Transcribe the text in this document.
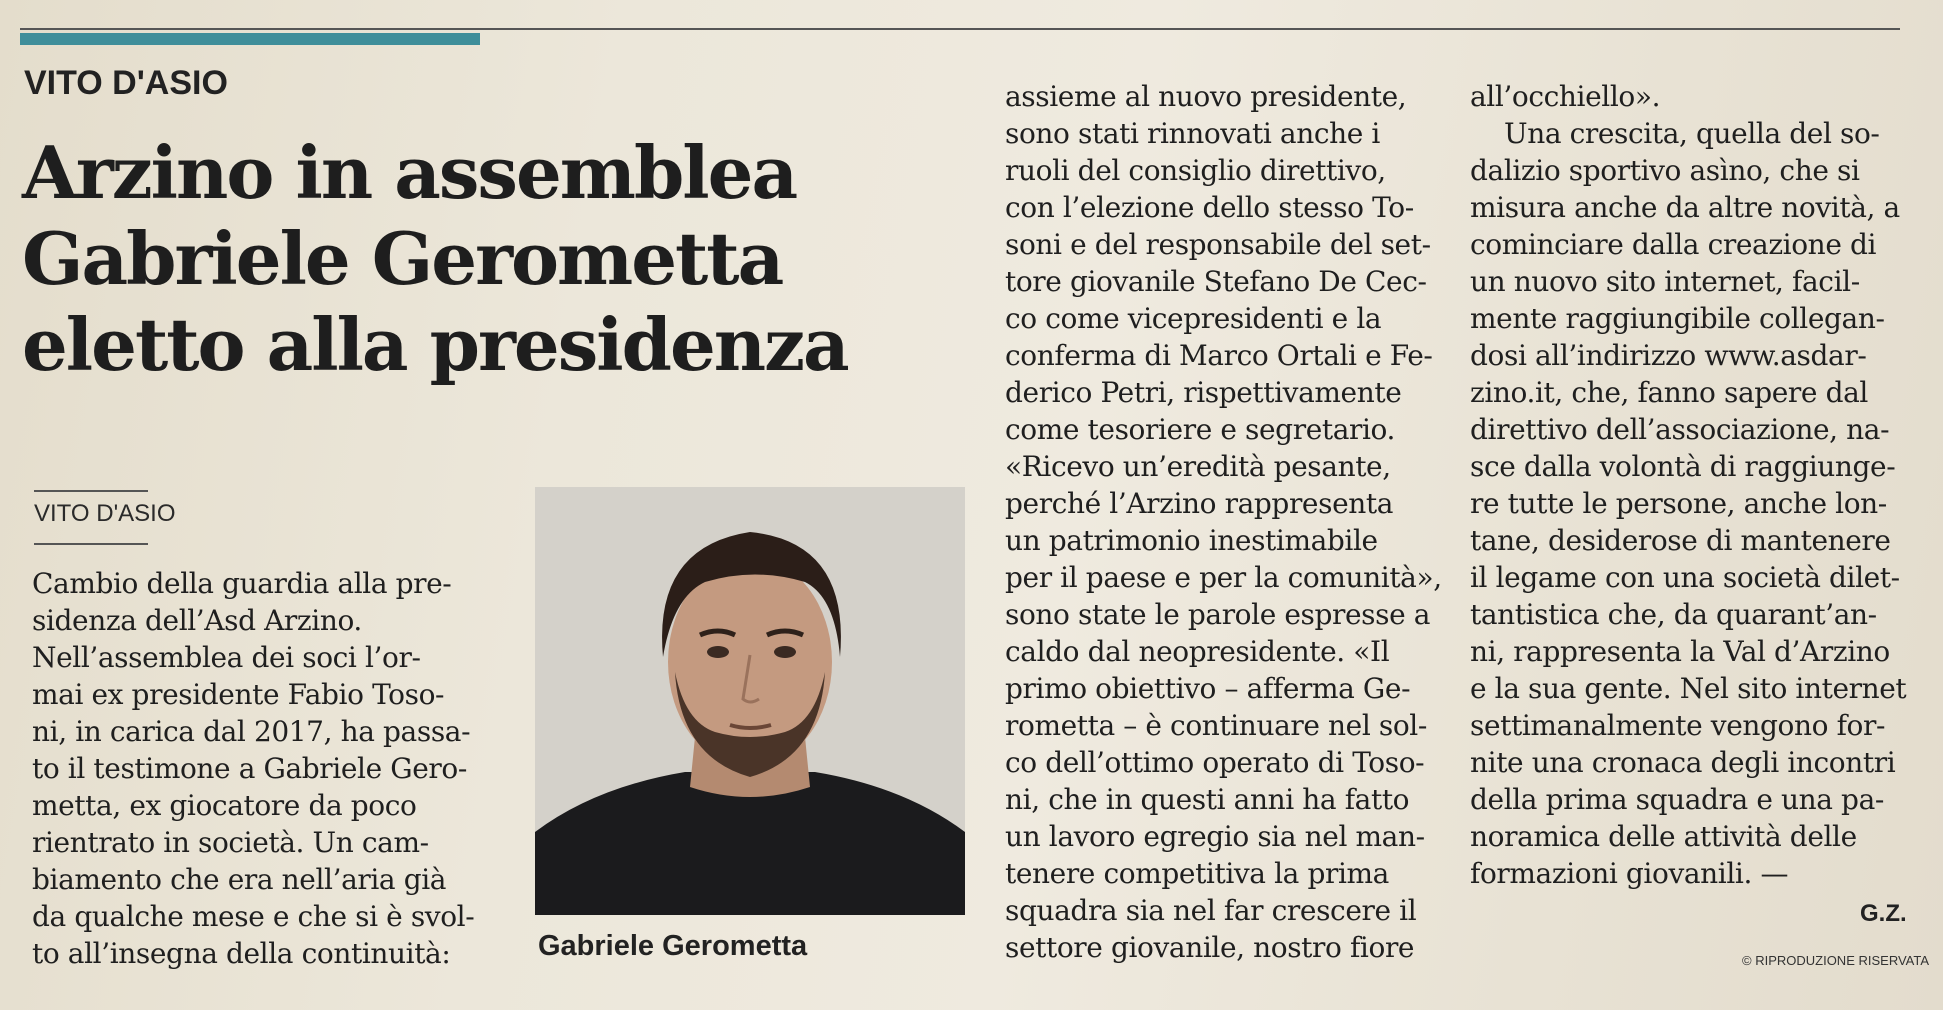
VITO D'ASIO
Arzino in assemblea
Gabriele Gerometta
eletto alla presidenza
VITO D'ASIO
Cambio della guardia alla pre-
sidenza dell’Asd Arzino.
Nell’assemblea dei soci l’or-
mai ex presidente Fabio Toso-
ni, in carica dal 2017, ha passa-
to il testimone a Gabriele Gero-
metta, ex giocatore da poco
rientrato in società. Un cam-
biamento che era nell’aria già
da qualche mese e che si è svol-
to all’insegna della continuità:	Gabriele Gerometta
assieme al nuovo presidente,
sono stati rinnovati anche i
ruoli del consiglio direttivo,
con l’elezione dello stesso To-
soni e del responsabile del set-
tore giovanile Stefano De Cec-
co come vicepresidenti e la
conferma di Marco Ortali e Fe-
derico Petri, rispettivamente
come tesoriere e segretario.
«Ricevo un’eredità pesante,
perché l’Arzino rappresenta
un patrimonio inestimabile
per il paese e per la comunità»,
sono state le parole espresse a
caldo dal neopresidente. «Il
primo obiettivo – afferma Ge-
rometta – è continuare nel sol-
co dell’ottimo operato di Toso-
ni, che in questi anni ha fatto
un lavoro egregio sia nel man-
tenere competitiva la prima
squadra sia nel far crescere il
settore giovanile, nostro fiore
all’occhiello».
Una crescita, quella del so-
dalizio sportivo asìno, che si
misura anche da altre novità, a
cominciare dalla creazione di
un nuovo sito internet, facil-
mente raggiungibile collegan-
dosi all’indirizzo www.asdar-
zino.it, che, fanno sapere dal
direttivo dell’associazione, na-
sce dalla volontà di raggiunge-
re tutte le persone, anche lon-
tane, desiderose di mantenere
il legame con una società dilet-
tantistica che, da quarant’an-
ni, rappresenta la Val d’Arzino
e la sua gente. Nel sito internet
settimanalmente vengono for-
nite una cronaca degli incontri
della prima squadra e una pa-
noramica delle attività delle
formazioni giovanili. —
G.Z.
© RIPRODUZIONE RISERVATA
